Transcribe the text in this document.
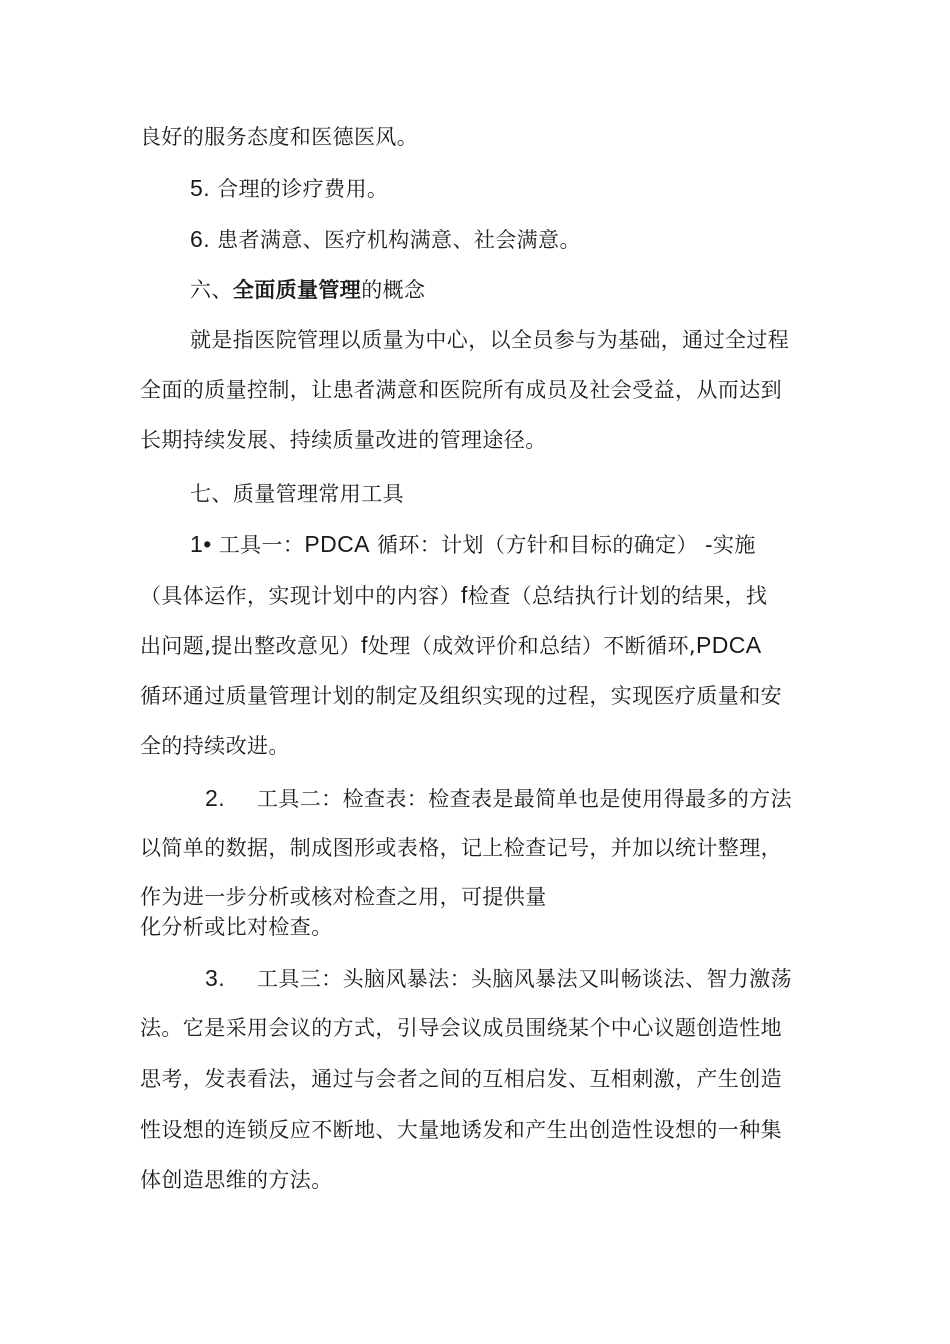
良好的服务态度和医德医风。
5. 合理的诊疗费用。
6. 患者满意、医疗机构满意、社会满意。
六、全面质量管理的概念
就是指医院管理以质量为中心，以全员参与为基础，通过全过程
全面的质量控制，让患者满意和医院所有成员及社会受益，从而达到
长期持续发展、持续质量改进的管理途径。
七、质量管理常用工具
1• 工具一：PDCA 循环：计划（方针和目标的确定） -实施
（具体运作，实现计划中的内容）f检查（总结执行计划的结果，找
出问题,提出整改意见）f处理（成效评价和总结）不断循环,PDCA
循环通过质量管理计划的制定及组织实现的过程，实现医疗质量和安
全的持续改进。
2. 工具二：检查表：检查表是最简单也是使用得最多的方法
以简单的数据，制成图形或表格，记上检查记号，并加以统计整理，
作为进一步分析或核对检查之用，可提供量
化分析或比对检查。
3. 工具三：头脑风暴法：头脑风暴法又叫畅谈法、智力激荡
法。它是采用会议的方式，引导会议成员围绕某个中心议题创造性地
思考，发表看法，通过与会者之间的互相启发、互相刺激，产生创造
性设想的连锁反应不断地、大量地诱发和产生出创造性设想的一种集
体创造思维的方法。
